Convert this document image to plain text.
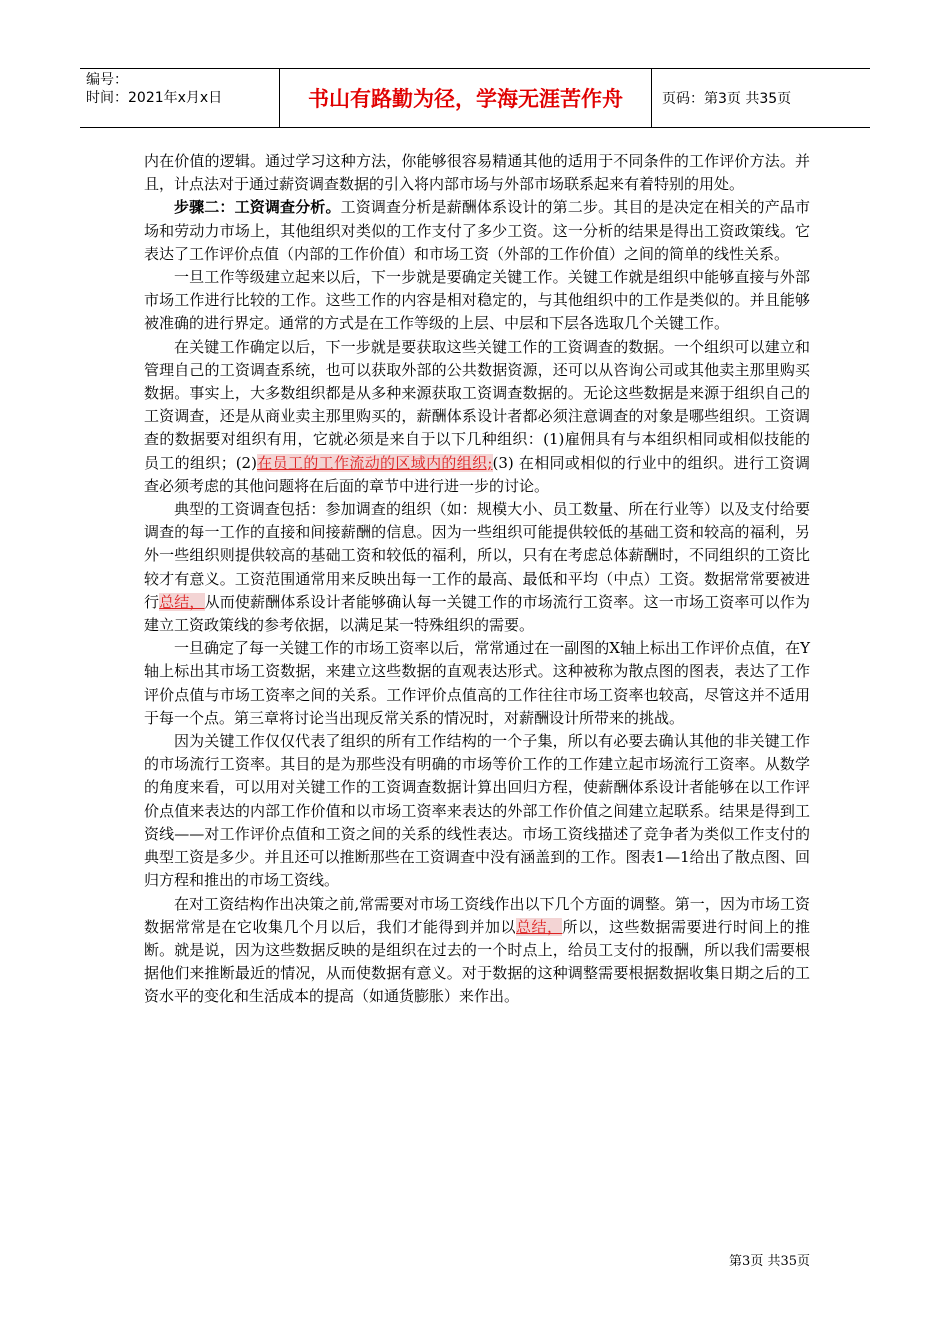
编号：
时间：2021年x月x日	书山有路勤为径，学海无涯苦作舟	页码：第3页 共35页

内在价值的逻辑。通过学习这种方法，你能够很容易精通其他的适用于不同条件的工作评价方法。并且，计点法对于通过薪资调查数据的引入将内部市场与外部市场联系起来有着特别的用处。

步骤二：工资调查分析。工资调查分析是薪酬体系设计的第二步。其目的是决定在相关的产品市场和劳动力市场上，其他组织对类似的工作支付了多少工资。这一分析的结果是得出工资政策线。它表达了工作评价点值（内部的工作价值）和市场工资（外部的工作价值）之间的简单的线性关系。

一旦工作等级建立起来以后，下一步就是要确定关键工作。关键工作就是组织中能够直接与外部市场工作进行比较的工作。这些工作的内容是相对稳定的，与其他组织中的工作是类似的。并且能够被准确的进行界定。通常的方式是在工作等级的上层、中层和下层各选取几个关键工作。

在关键工作确定以后，下一步就是要获取这些关键工作的工资调查的数据。一个组织可以建立和管理自己的工资调查系统，也可以获取外部的公共数据资源，还可以从咨询公司或其他卖主那里购买数据。事实上，大多数组织都是从多种来源获取工资调查数据的。无论这些数据是来源于组织自己的工资调查，还是从商业卖主那里购买的，薪酬体系设计者都必须注意调查的对象是哪些组织。工资调查的数据要对组织有用，它就必须是来自于以下几种组织：(1)雇佣具有与本组织相同或相似技能的员工的组织；(2)在员工的工作流动的区域内的组织;(3) 在相同或相似的行业中的组织。进行工资调查必须考虑的其他问题将在后面的章节中进行进一步的讨论。

典型的工资调查包括：参加调查的组织（如：规模大小、员工数量、所在行业等）以及支付给要调查的每一工作的直接和间接薪酬的信息。因为一些组织可能提供较低的基础工资和较高的福利，另外一些组织则提供较高的基础工资和较低的福利，所以，只有在考虑总体薪酬时，不同组织的工资比较才有意义。工资范围通常用来反映出每一工作的最高、最低和平均（中点）工资。数据常常要被进行总结，从而使薪酬体系设计者能够确认每一关键工作的市场流行工资率。这一市场工资率可以作为建立工资政策线的参考依据，以满足某一特殊组织的需要。

一旦确定了每一关键工作的市场工资率以后，常常通过在一副图的X轴上标出工作评价点值，在Y轴上标出其市场工资数据，来建立这些数据的直观表达形式。这种被称为散点图的图表，表达了工作评价点值与市场工资率之间的关系。工作评价点值高的工作往往市场工资率也较高，尽管这并不适用于每一个点。第三章将讨论当出现反常关系的情况时，对薪酬设计所带来的挑战。

因为关键工作仅仅代表了组织的所有工作结构的一个子集，所以有必要去确认其他的非关键工作的市场流行工资率。其目的是为那些没有明确的市场等价工作的工作建立起市场流行工资率。从数学的角度来看，可以用对关键工作的工资调查数据计算出回归方程，使薪酬体系设计者能够在以工作评价点值来表达的内部工作价值和以市场工资率来表达的外部工作价值之间建立起联系。结果是得到工资线——对工作评价点值和工资之间的关系的线性表达。市场工资线描述了竞争者为类似工作支付的典型工资是多少。并且还可以推断那些在工资调查中没有涵盖到的工作。图表1—1给出了散点图、回归方程和推出的市场工资线。

在对工资结构作出决策之前,常需要对市场工资线作出以下几个方面的调整。第一，因为市场工资数据常常是在它收集几个月以后，我们才能得到并加以总结，所以，这些数据需要进行时间上的推断。就是说，因为这些数据反映的是组织在过去的一个时点上，给员工支付的报酬，所以我们需要根据他们来推断最近的情况，从而使数据有意义。对于数据的这种调整需要根据数据收集日期之后的工资水平的变化和生活成本的提高（如通货膨胀）来作出。

第3页 共35页
